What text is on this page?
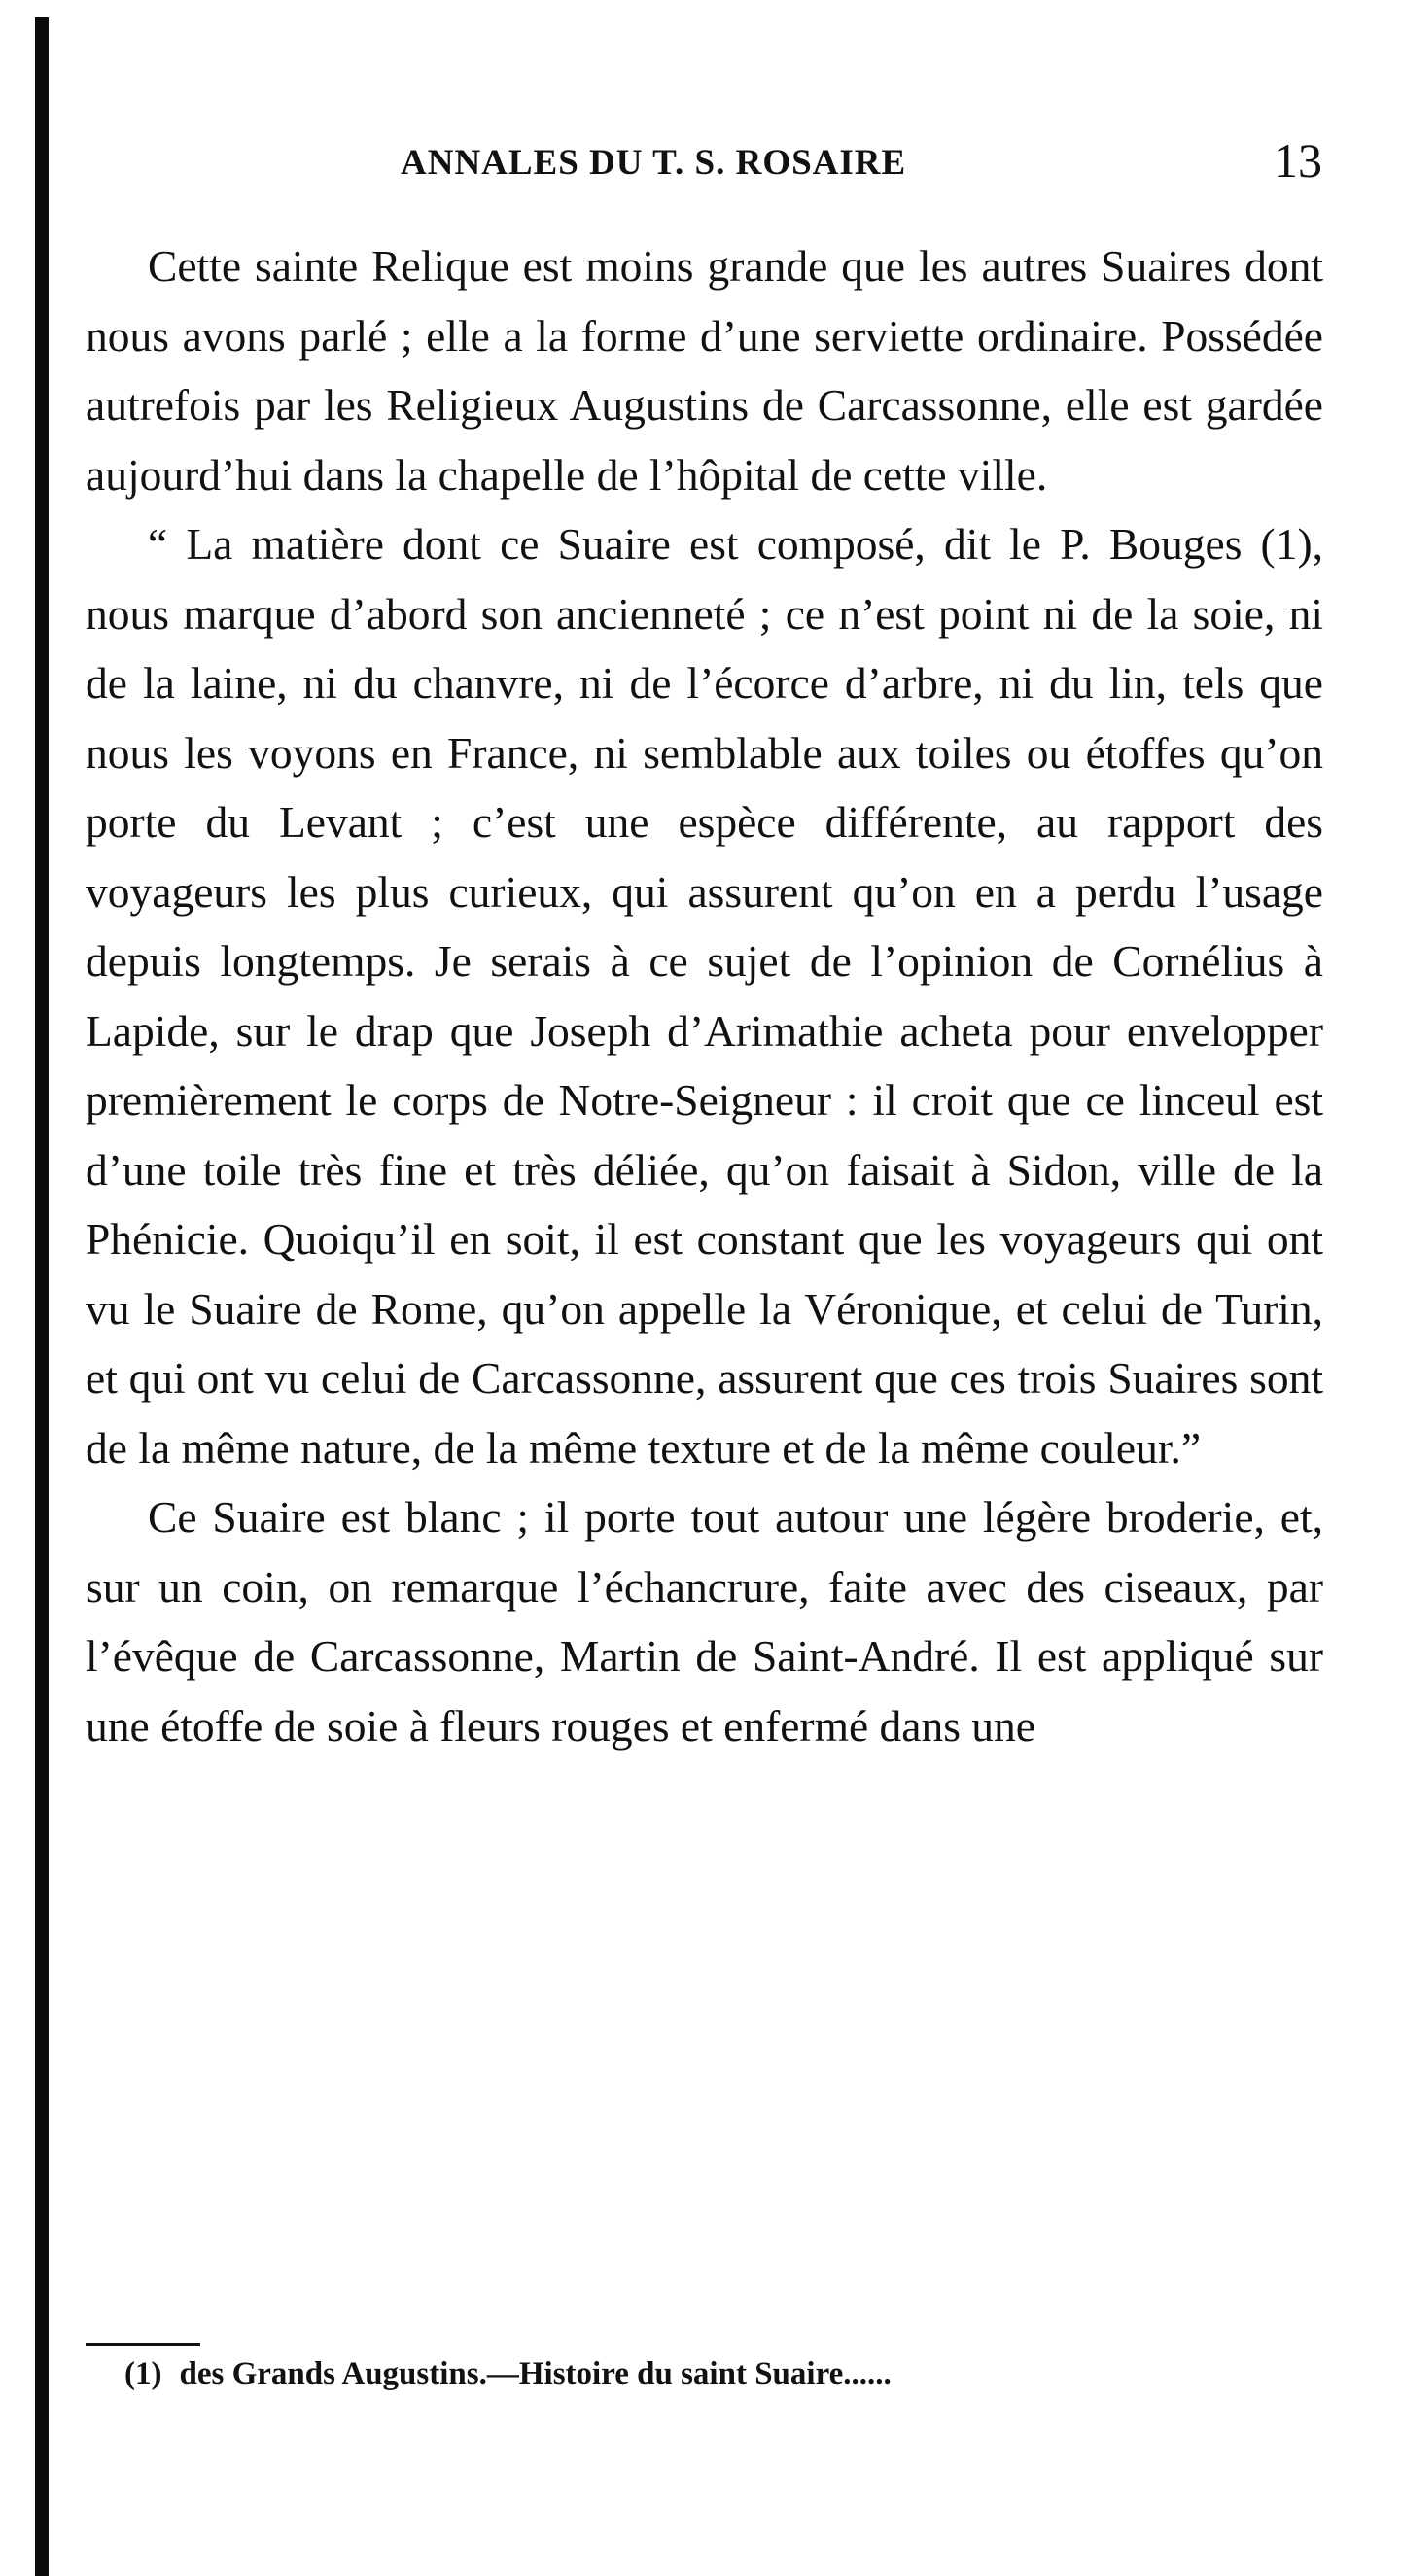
ANNALES DU T. S. ROSAIRE	13

Cette sainte Relique est moins grande que les autres Suaires dont nous avons parlé ; elle a la forme d’une serviette ordinaire. Possédée autrefois par les Religieux Augustins de Carcassonne, elle est gardée aujourd’hui dans la chapelle de l’hôpital de cette ville.

“ La matière dont ce Suaire est composé, dit le P. Bouges (1), nous marque d’abord son ancienneté ; ce n’est point ni de la soie, ni de la laine, ni du chanvre, ni de l’écorce d’arbre, ni du lin, tels que nous les voyons en France, ni semblable aux toiles ou étoffes qu’on porte du Levant ; c’est une espèce différente, au rapport des voyageurs les plus curieux, qui assurent qu’on en a perdu l’usage depuis longtemps. Je serais à ce sujet de l’opinion de Cornélius à Lapide, sur le drap que Joseph d’Arimathie acheta pour envelopper premièrement le corps de Notre-Seigneur : il croit que ce linceul est d’une toile très fine et très déliée, qu’on faisait à Sidon, ville de la Phénicie. Quoiqu’il en soit, il est constant que les voyageurs qui ont vu le Suaire de Rome, qu’on appelle la Véronique, et celui de Turin, et qui ont vu celui de Carcassonne, assurent que ces trois Suaires sont de la même nature, de la même texture et de la même couleur.”

Ce Suaire est blanc ; il porte tout autour une légère broderie, et, sur un coin, on remarque l’échancrure, faite avec des ciseaux, par l’évêque de Carcassonne, Martin de Saint-André. Il est appliqué sur une étoffe de soie à fleurs rouges et enfermé dans une

(1) des Grands Augustins.—Histoire du saint Suaire......
